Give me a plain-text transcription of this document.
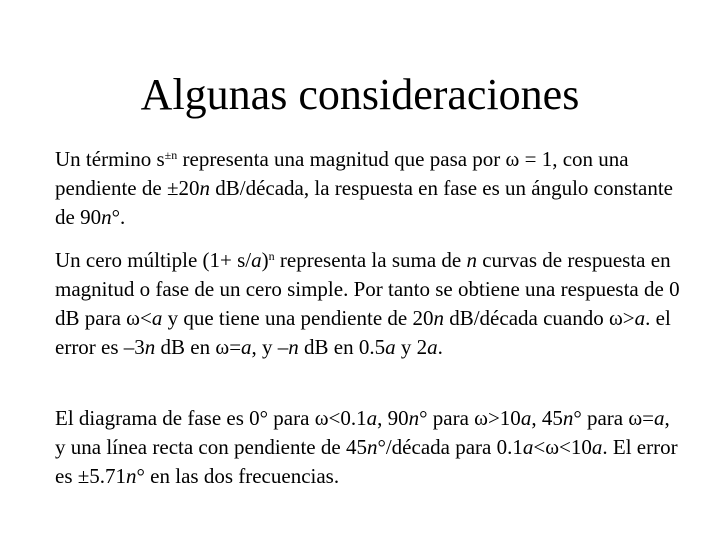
Algunas consideraciones
Un término $s^{\pm n}$ representa una magnitud que pasa por ω = 1, con una pendiente de ±20n dB/década, la respuesta en fase es un ángulo constante de 90n°.
Un cero múltiple $(1+ s/a)^n$ representa la suma de n curvas de respuesta en magnitud o fase de un cero simple. Por tanto se obtiene una respuesta de 0 dB para ω<a y que tiene una pendiente de 20n dB/década cuando ω>a. el error es –3n dB en ω=a, y –n dB en 0.5a y 2a.
El diagrama de fase es 0° para ω<0.1a, 90n° para ω>10a, 45n° para ω=a, y una línea recta con pendiente de 45n°/década para 0.1a<ω<10a. El error es ±5.71n° en las dos frecuencias.
